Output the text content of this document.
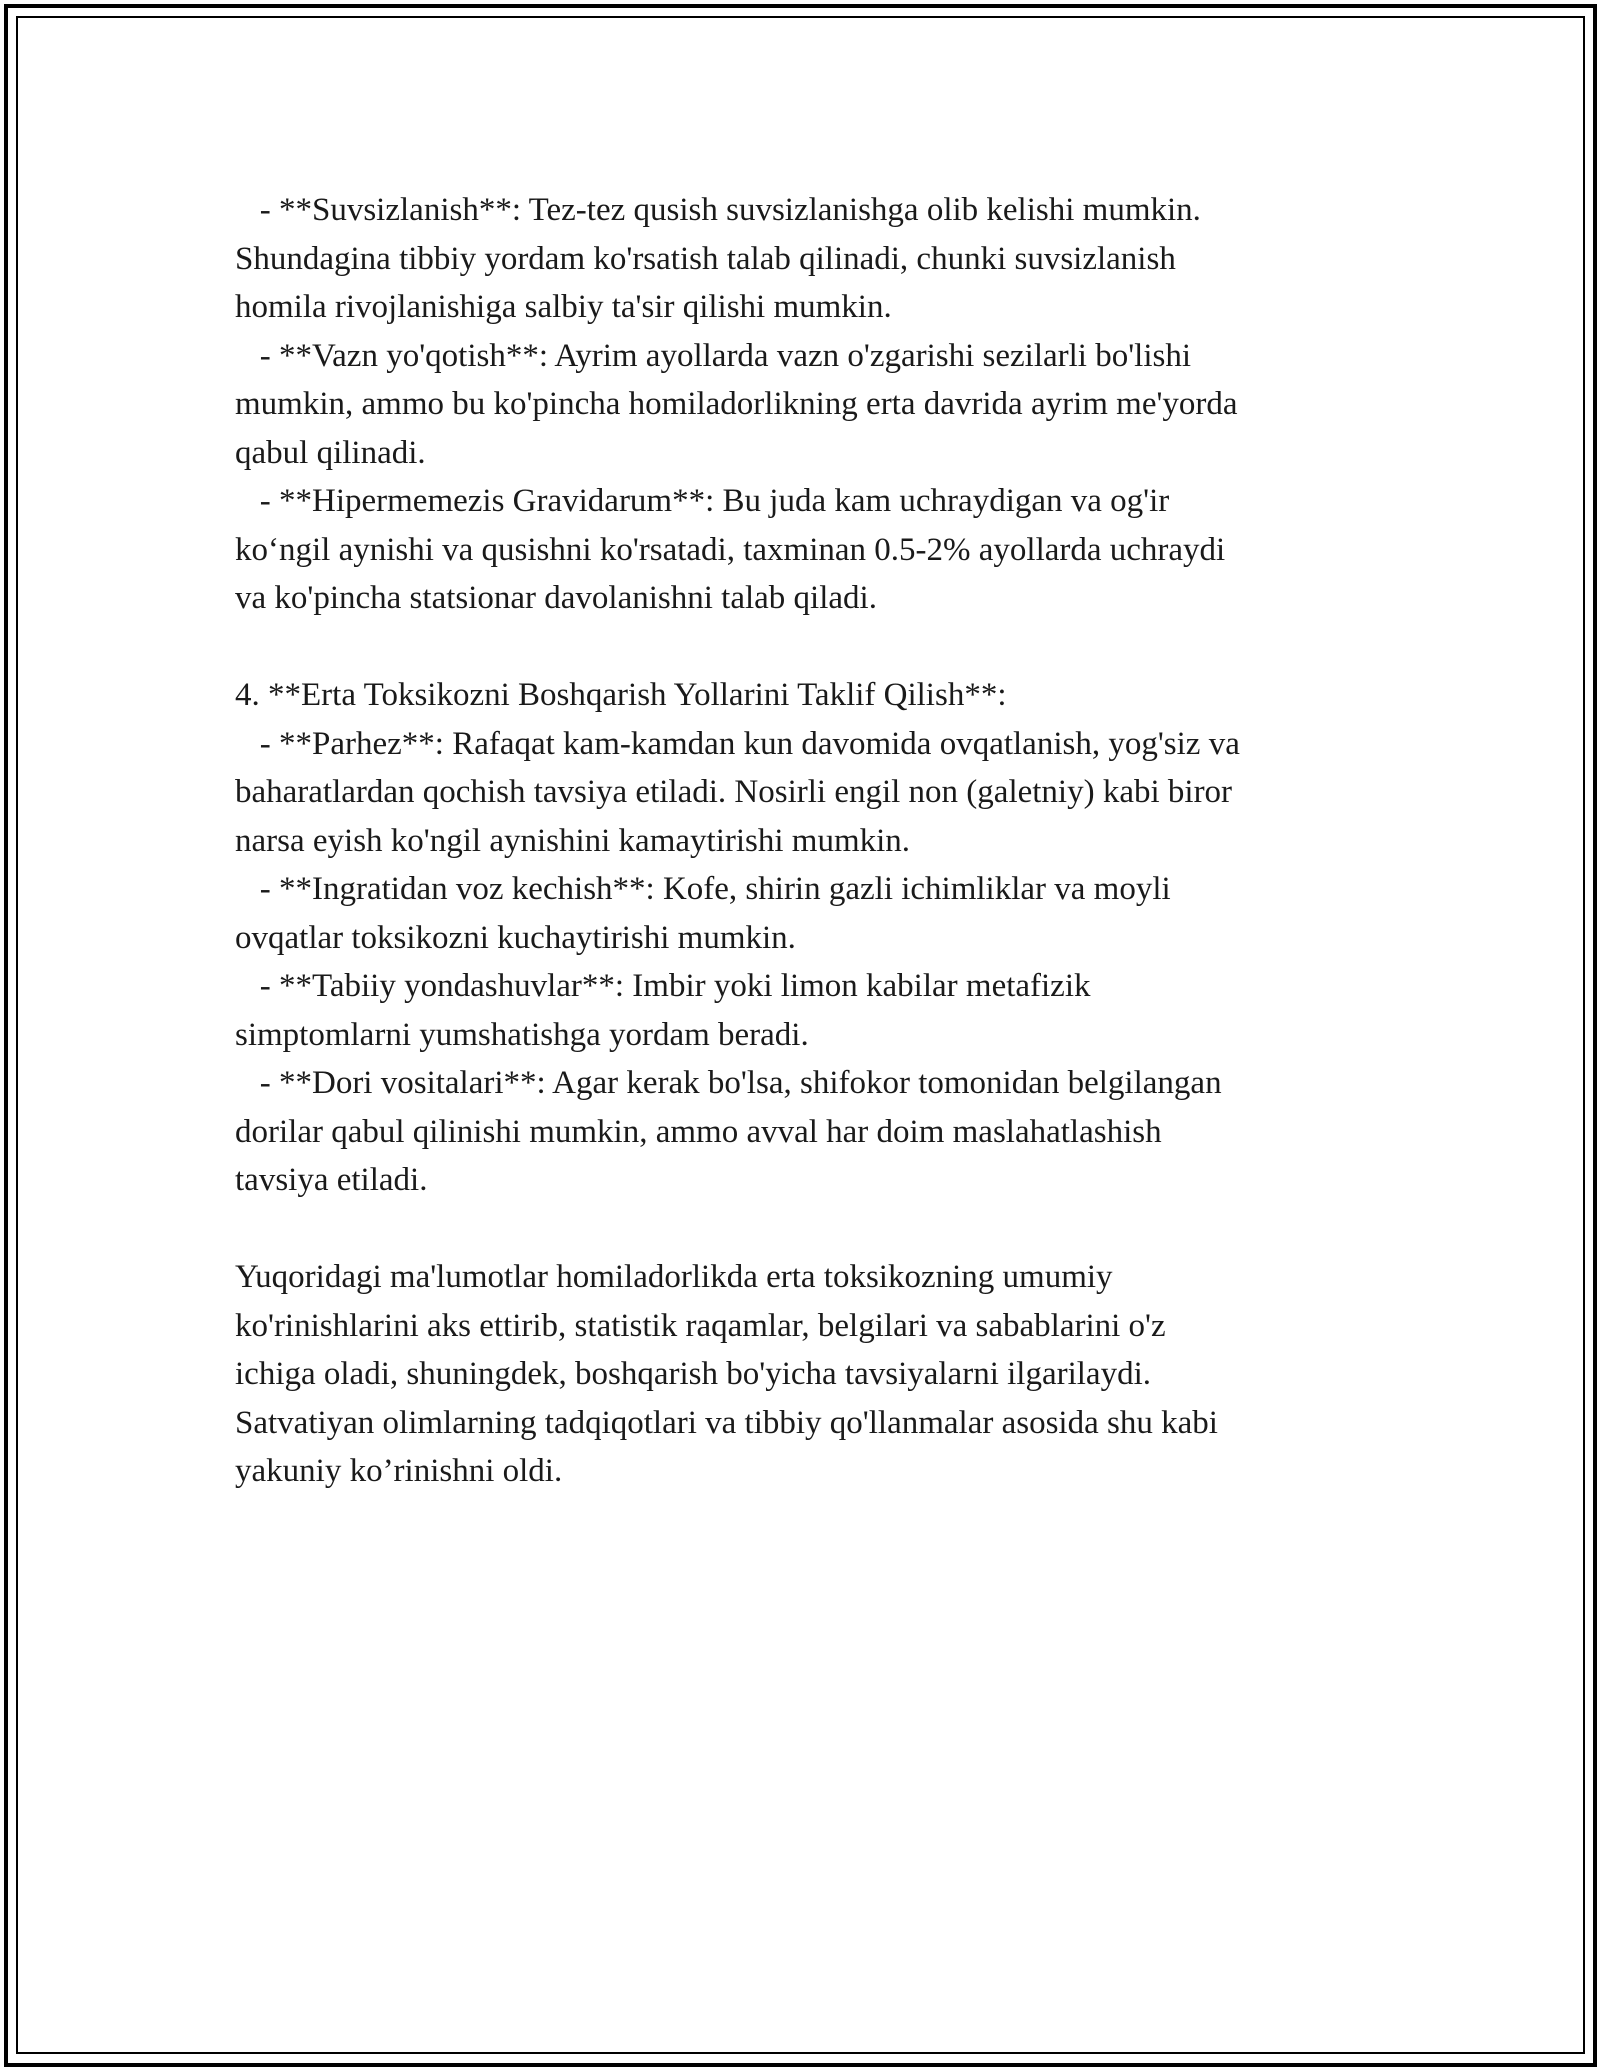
- **Suvsizlanish**: Tez-tez qusish suvsizlanishga olib kelishi mumkin.
Shundagina tibbiy yordam ko'rsatish talab qilinadi, chunki suvsizlanish
homila rivojlanishiga salbiy ta'sir qilishi mumkin.
- **Vazn yo'qotish**: Ayrim ayollarda vazn o'zgarishi sezilarli bo'lishi
mumkin, ammo bu ko'pincha homiladorlikning erta davrida ayrim me'yorda
qabul qilinadi.
- **Hipermemezis Gravidarum**: Bu juda kam uchraydigan va og'ir
ko‘ngil aynishi va qusishni ko'rsatadi, taxminan 0.5-2% ayollarda uchraydi
va ko'pincha statsionar davolanishni talab qiladi.
4. **Erta Toksikozni Boshqarish Yollarini Taklif Qilish**:
- **Parhez**: Rafaqat kam-kamdan kun davomida ovqatlanish, yog'siz va
baharatlardan qochish tavsiya etiladi. Nosirli engil non (galetniy) kabi biror
narsa eyish ko'ngil aynishini kamaytirishi mumkin.
- **Ingratidan voz kechish**: Kofe, shirin gazli ichimliklar va moyli
ovqatlar toksikozni kuchaytirishi mumkin.
- **Tabiiy yondashuvlar**: Imbir yoki limon kabilar metafizik
simptomlarni yumshatishga yordam beradi.
- **Dori vositalari**: Agar kerak bo'lsa, shifokor tomonidan belgilangan
dorilar qabul qilinishi mumkin, ammo avval har doim maslahatlashish
tavsiya etiladi.
Yuqoridagi ma'lumotlar homiladorlikda erta toksikozning umumiy
ko'rinishlarini aks ettirib, statistik raqamlar, belgilari va sabablarini o'z
ichiga oladi, shuningdek, boshqarish bo'yicha tavsiyalarni ilgarilaydi.
Satvatiyan olimlarning tadqiqotlari va tibbiy qo'llanmalar asosida shu kabi
yakuniy ko’rinishni oldi.
